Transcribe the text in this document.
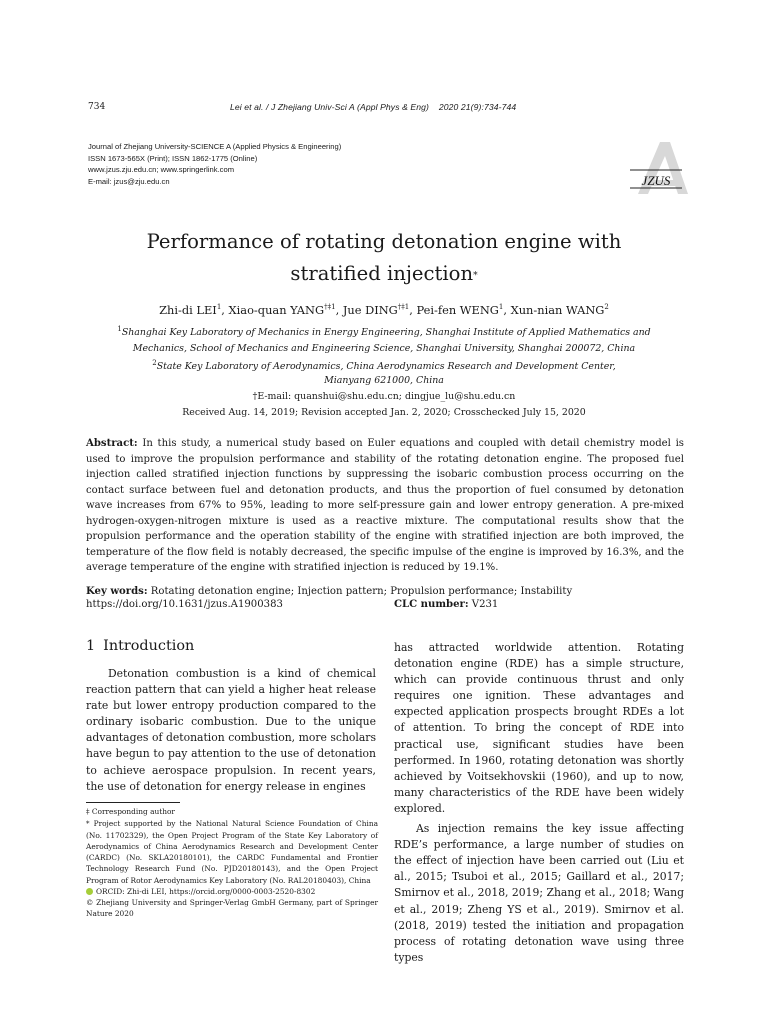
734	Lei et al. / J Zhejiang Univ-Sci A (Appl Phys & Eng)    2020 21(9):734-744
Journal of Zhejiang University-SCIENCE A (Applied Physics & Engineering)
ISSN 1673-565X (Print); ISSN 1862-1775 (Online)
www.jzus.zju.edu.cn; www.springerlink.com
E-mail: jzus@zju.edu.cn	JZUS
Performance of rotating detonation engine with
stratified injection*
Zhi-di LEI$^1$, Xiao-quan YANG$^{\dagger\ddagger 1}$, Jue DING$^{\dagger\ddagger 1}$, Pei-fen WENG$^1$, Xun-nian WANG$^2$
$^1$Shanghai Key Laboratory of Mechanics in Energy Engineering, Shanghai Institute of Applied Mathematics and
Mechanics, School of Mechanics and Engineering Science, Shanghai University, Shanghai 200072, China
$^2$State Key Laboratory of Aerodynamics, China Aerodynamics Research and Development Center,
Mianyang 621000, China
†E-mail: quanshui@shu.edu.cn; dingjue_lu@shu.edu.cn
Received Aug. 14, 2019; Revision accepted Jan. 2, 2020; Crosschecked July 15, 2020
Abstract: In this study, a numerical study based on Euler equations and coupled with detail chemistry model is used to improve the propulsion performance and stability of the rotating detonation engine. The proposed fuel injection called stratified injection functions by suppressing the isobaric combustion process occurring on the contact surface between fuel and detonation products, and thus the proportion of fuel consumed by detonation wave increases from 67% to 95%, leading to more self-pressure gain and lower entropy generation. A pre-mixed hydrogen-oxygen-nitrogen mixture is used as a reactive mixture. The computational results show that the propulsion performance and the operation stability of the engine with stratified injection are both improved, the temperature of the flow field is notably decreased, the specific impulse of the engine is improved by 16.3%, and the average temperature of the engine with stratified injection is reduced by 19.1%.
Key words: Rotating detonation engine; Injection pattern; Propulsion performance; Instability
https://doi.org/10.1631/jzus.A1900383	CLC number: V231
1 Introduction

Detonation combustion is a kind of chemical reaction pattern that can yield a higher heat release rate but lower entropy production compared to the ordinary isobaric combustion. Due to the unique advantages of detonation combustion, more scholars have begun to pay attention to the use of detonation to achieve aerospace propulsion. In recent years, the use of detonation for energy release in engines

has attracted worldwide attention. Rotating detonation engine (RDE) has a simple structure, which can provide continuous thrust and only requires one ignition. These advantages and expected application prospects brought RDEs a lot of attention. To bring the concept of RDE into practical use, significant studies have been performed. In 1960, rotating detonation was shortly achieved by Voitsekhovskii (1960), and up to now, many characteristics of the RDE have been widely explored.

As injection remains the key issue affecting RDE’s performance, a large number of studies on the effect of injection have been carried out (Liu et al., 2015; Tsuboi et al., 2015; Gaillard et al., 2017; Smirnov et al., 2018, 2019; Zhang et al., 2018; Wang et al., 2019; Zheng YS et al., 2019). Smirnov et al. (2018, 2019) tested the initiation and propagation process of rotating detonation wave using three types

‡ Corresponding author
* Project supported by the National Natural Science Foundation of China (No. 11702329), the Open Project Program of the State Key Laboratory of Aerodynamics of China Aerodynamics Research and Development Center (CARDC) (No. SKLA20180101), the CARDC Fundamental and Frontier Technology Research Fund (No. PJD20180143), and the Open Project Program of Rotor Aerodynamics Key Laboratory (No. RAL20180403), China
ORCID: Zhi-di LEI, https://orcid.org/0000-0003-2520-8302
© Zhejiang University and Springer-Verlag GmbH Germany, part of Springer Nature 2020
